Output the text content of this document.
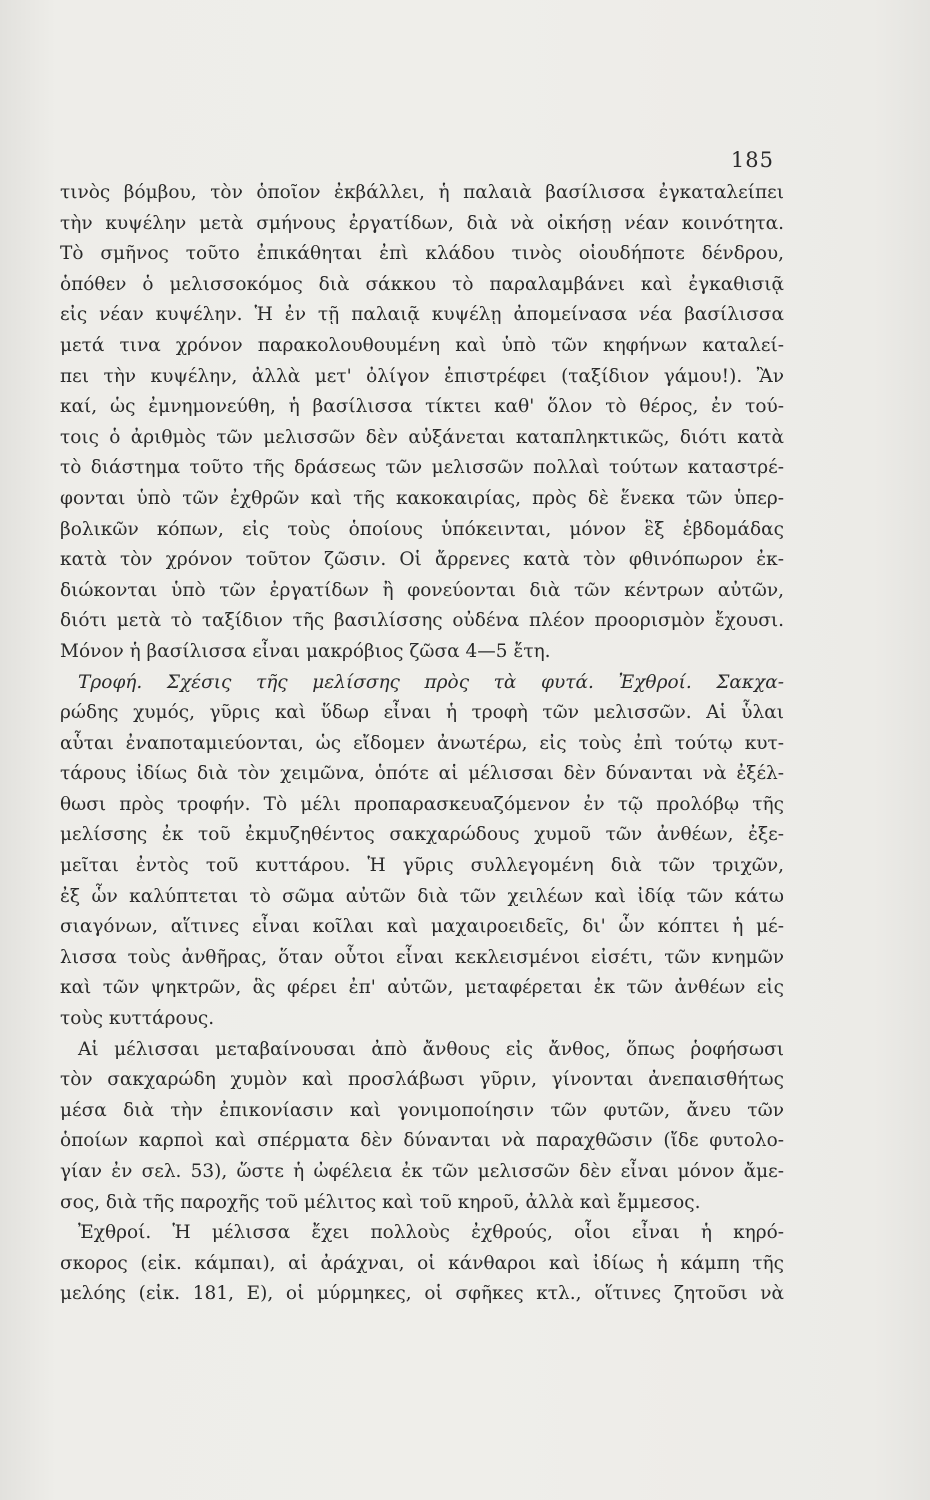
185
τινὸς βόμβου, τὸν ὁποῖον ἐκβάλλει, ἡ παλαιὰ βασίλισσα ἐγκαταλείπει
τὴν κυψέλην μετὰ σμήνους ἐργατίδων, διὰ νὰ οἰκήσῃ νέαν κοινότητα.
Τὸ σμῆνος τοῦτο ἐπικάθηται ἐπὶ κλάδου τινὸς οἱουδήποτε δένδρου,
ὁπόθεν ὁ μελισσοκόμος διὰ σάκκου τὸ παραλαμβάνει καὶ ἐγκαθισιᾷ
εἰς νέαν κυψέλην. Ἡ ἐν τῇ παλαιᾷ κυψέλῃ ἀπομείνασα νέα βασίλισσα
μετά τινα χρόνον παρακολουθουμένη καὶ ὑπὸ τῶν κηφήνων καταλεί-
πει τὴν κυψέλην, ἀλλὰ μετ' ὀλίγον ἐπιστρέφει (ταξίδιον γάμου!). Ἂν
καί, ὡς ἐμνημονεύθη, ἡ βασίλισσα τίκτει καθ' ὅλον τὸ θέρος, ἐν τού-
τοις ὁ ἀριθμὸς τῶν μελισσῶν δὲν αὐξάνεται καταπληκτικῶς, διότι κατὰ
τὸ διάστημα τοῦτο τῆς δράσεως τῶν μελισσῶν πολλαὶ τούτων καταστρέ-
φονται ὑπὸ τῶν ἐχθρῶν καὶ τῆς κακοκαιρίας, πρὸς δὲ ἕνεκα τῶν ὑπερ-
βολικῶν κόπων, εἰς τοὺς ὁποίους ὑπόκεινται, μόνον ἓξ ἑβδομάδας
κατὰ τὸν χρόνον τοῦτον ζῶσιν. Οἱ ἄρρενες κατὰ τὸν φθινόπωρον ἐκ-
διώκονται ὑπὸ τῶν ἐργατίδων ἢ φονεύονται διὰ τῶν κέντρων αὐτῶν,
διότι μετὰ τὸ ταξίδιον τῆς βασιλίσσης οὐδένα πλέον προορισμὸν ἔχουσι.
Μόνον ἡ βασίλισσα εἶναι μακρόβιος ζῶσα 4—5 ἔτη.
Τροφή. Σχέσις τῆς μελίσσης πρὸς τὰ φυτά. Ἐχθροί. Σακχα-
ρώδης χυμός, γῦρις καὶ ὕδωρ εἶναι ἡ τροφὴ τῶν μελισσῶν. Αἱ ὗλαι
αὗται ἐναποταμιεύονται, ὡς εἴδομεν ἀνωτέρω, εἰς τοὺς ἐπὶ τούτῳ κυτ-
τάρους ἰδίως διὰ τὸν χειμῶνα, ὁπότε αἱ μέλισσαι δὲν δύνανται νὰ ἐξέλ-
θωσι πρὸς τροφήν. Τὸ μέλι προπαρασκευαζόμενον ἐν τῷ προλόβῳ τῆς
μελίσσης ἐκ τοῦ ἐκμυζηθέντος σακχαρώδους χυμοῦ τῶν ἀνθέων, ἐξε-
μεῖται ἐντὸς τοῦ κυττάρου. Ἡ γῦρις συλλεγομένη διὰ τῶν τριχῶν,
ἐξ ὧν καλύπτεται τὸ σῶμα αὐτῶν διὰ τῶν χειλέων καὶ ἰδίᾳ τῶν κάτω
σιαγόνων, αἵτινες εἶναι κοῖλαι καὶ μαχαιροειδεῖς, δι' ὧν κόπτει ἡ μέ-
λισσα τοὺς ἀνθῆρας, ὅταν οὗτοι εἶναι κεκλεισμένοι εἰσέτι, τῶν κνημῶν
καὶ τῶν ψηκτρῶν, ἃς φέρει ἐπ' αὐτῶν, μεταφέρεται ἐκ τῶν ἀνθέων εἰς
τοὺς κυττάρους.
Αἱ μέλισσαι μεταβαίνουσαι ἀπὸ ἄνθους εἰς ἄνθος, ὅπως ῥοφήσωσι
τὸν σακχαρώδη χυμὸν καὶ προσλάβωσι γῦριν, γίνονται ἀνεπαισθήτως
μέσα διὰ τὴν ἐπικονίασιν καὶ γονιμοποίησιν τῶν φυτῶν, ἄνευ τῶν
ὁποίων καρποὶ καὶ σπέρματα δὲν δύνανται νὰ παραχθῶσιν (ἴδε φυτολο-
γίαν ἐν σελ. 53), ὥστε ἡ ὠφέλεια ἐκ τῶν μελισσῶν δὲν εἶναι μόνον ἄμε-
σος, διὰ τῆς παροχῆς τοῦ μέλιτος καὶ τοῦ κηροῦ, ἀλλὰ καὶ ἔμμεσος.
Ἐχθροί. Ἡ μέλισσα ἔχει πολλοὺς ἐχθρούς, οἷοι εἶναι ἡ κηρό-
σκορος (εἰκ. κάμπαι), αἱ ἀράχναι, οἱ κάνθαροι καὶ ἰδίως ἡ κάμπη τῆς
μελόης (εἰκ. 181, Ε), οἱ μύρμηκες, οἱ σφῆκες κτλ., οἵτινες ζητοῦσι νὰ
